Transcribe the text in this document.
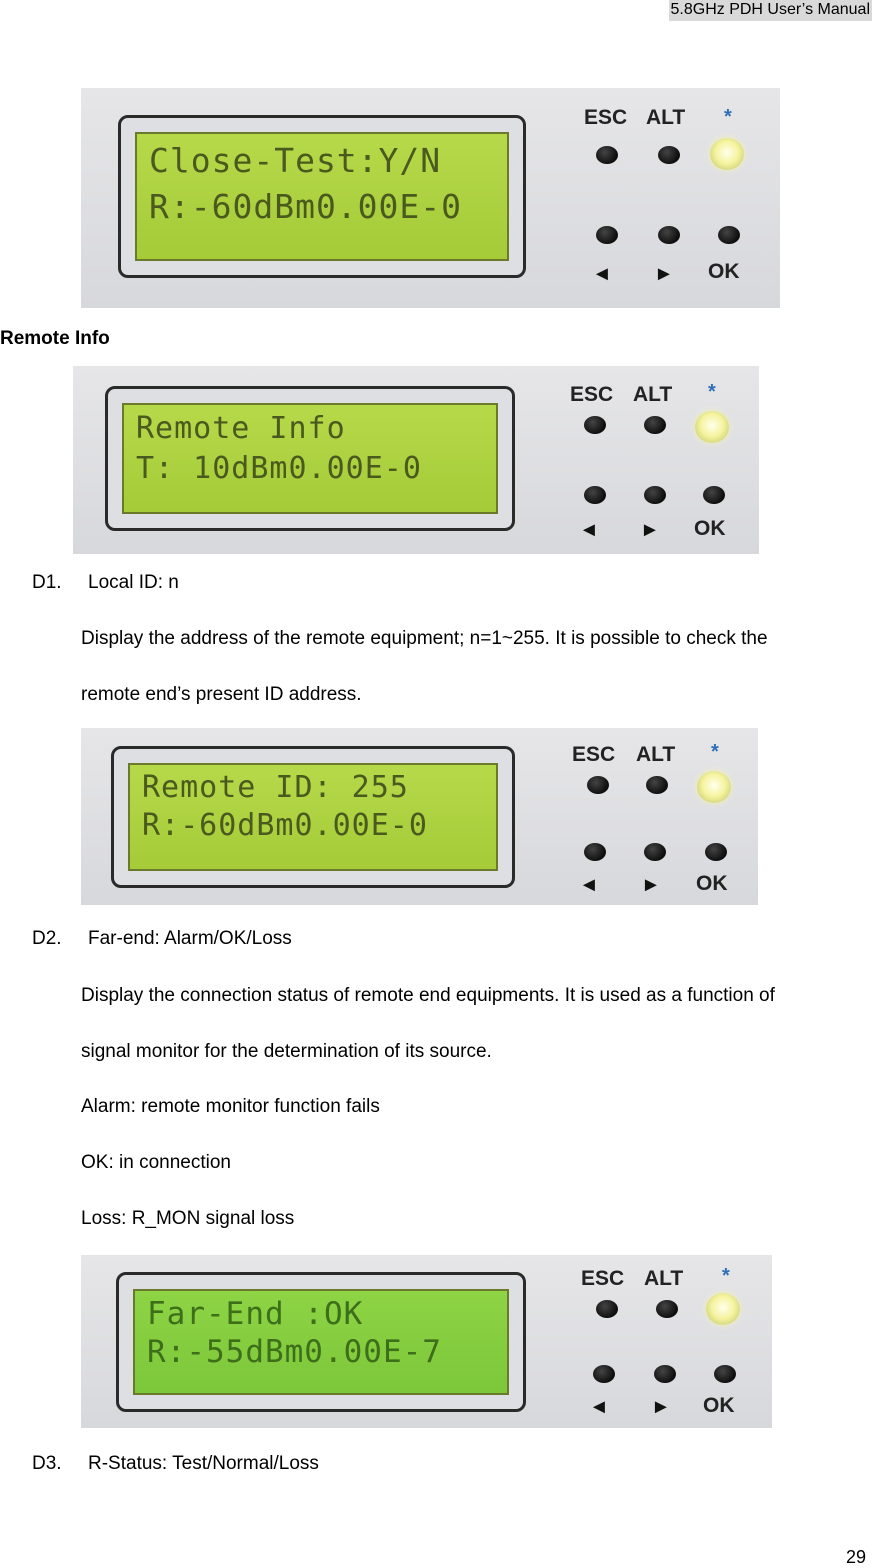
5.8GHz PDH User’s Manual
Close-Test:Y/N
R:-60dBm0.00E-0
ESC ALT *
◄ ► OK
Remote Info
Remote Info
T: 10dBm0.00E-0
ESC ALT *
◄ ► OK
D1. Local ID: n
Display the address of the remote equipment; n=1~255. It is possible to check the
remote end’s present ID address.
Remote ID: 255
R:-60dBm0.00E-0
ESC ALT *
◄ ► OK
D2. Far-end: Alarm/OK/Loss
Display the connection status of remote end equipments. It is used as a function of
signal monitor for the determination of its source.
Alarm: remote monitor function fails
OK: in connection
Loss: R_MON signal loss
Far-End :OK
R:-55dBm0.00E-7
ESC ALT *
◄ ► OK
D3. R-Status: Test/Normal/Loss
29
